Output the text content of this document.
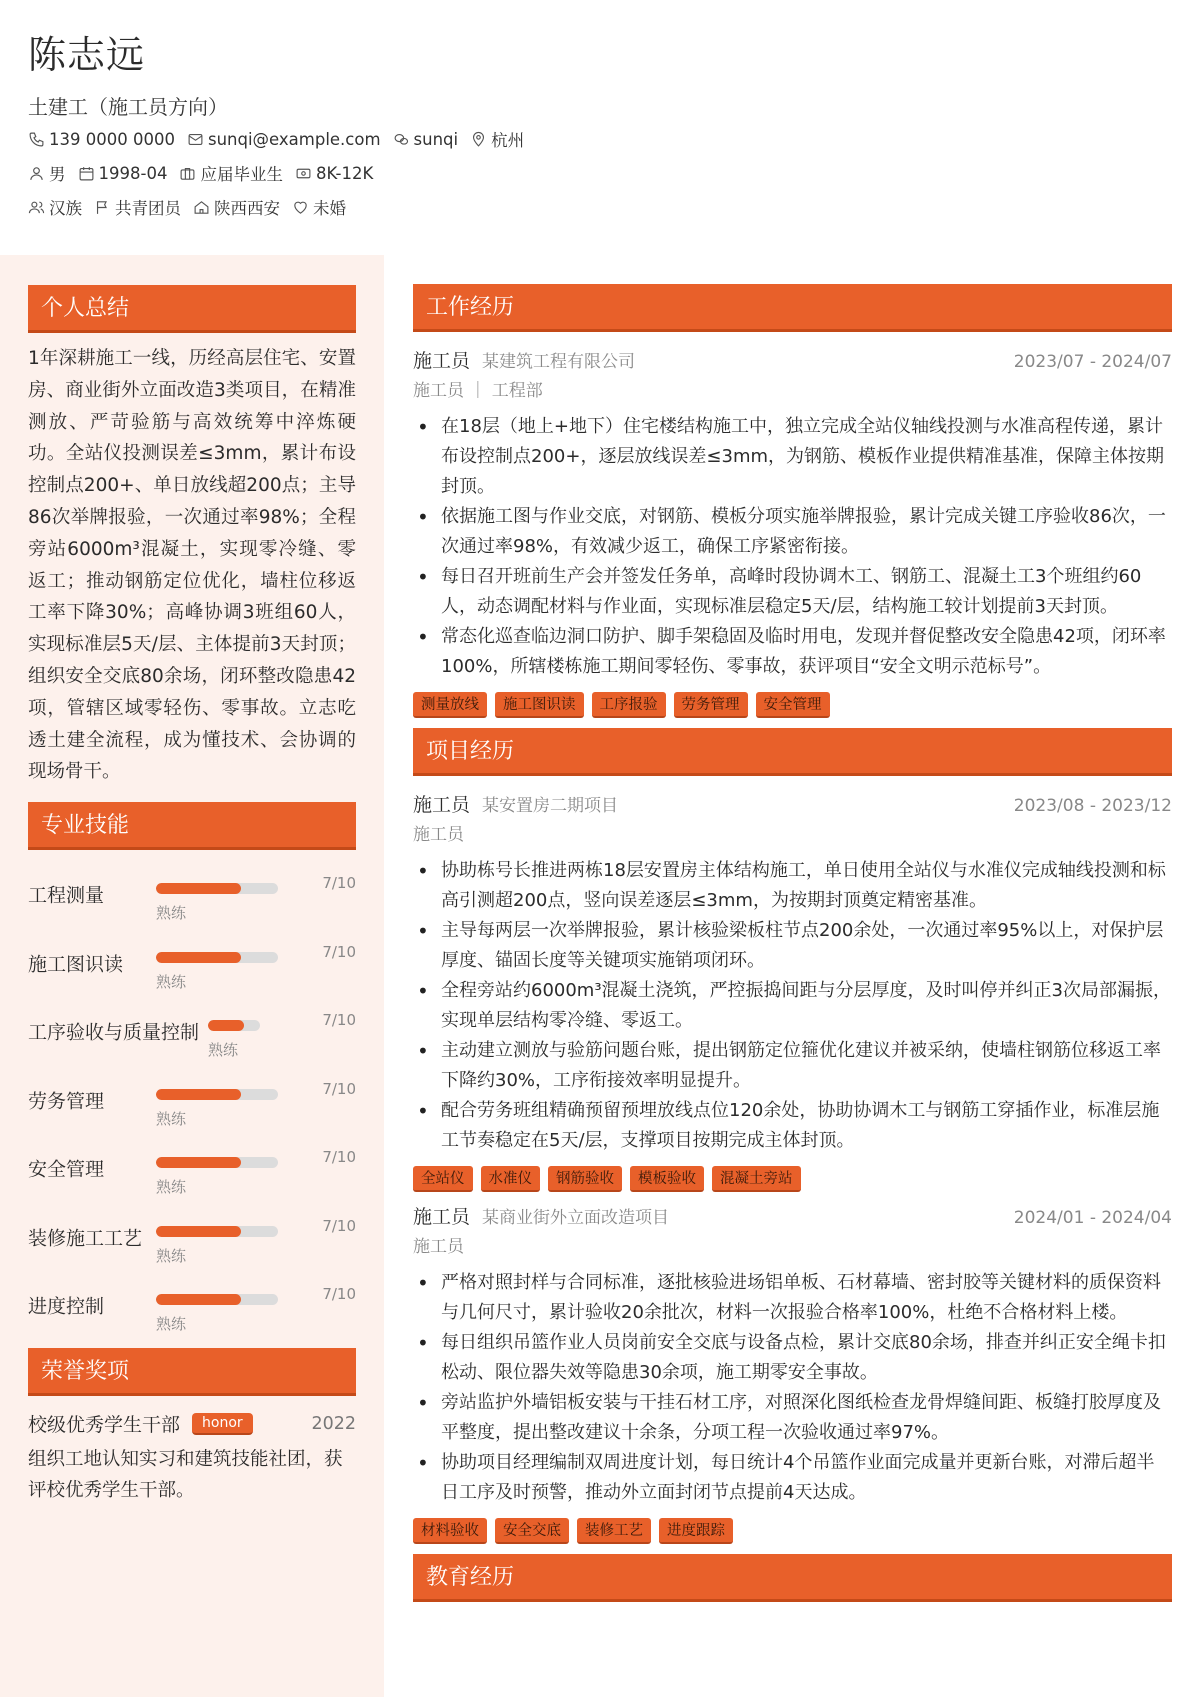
陈志远
土建工（施工员方向）
139 0000 0000 sunqi@example.com sunqi 杭州
男 1998-04 应届毕业生 8K-12K
汉族 共青团员 陕西西安 未婚
个人总结
1年深耕施工一线，历经高层住宅、安置房、商业街外立面改造3类项目，在精准测放、严苛验筋与高效统筹中淬炼硬功。全站仪投测误差≤3mm，累计布设控制点200+、单日放线超200点；主导86次举牌报验，一次通过率98%；全程旁站6000m³混凝土，实现零冷缝、零返工；推动钢筋定位优化，墙柱位移返工率下降30%；高峰协调3班组60人，实现标准层5天/层、主体提前3天封顶；组织安全交底80余场，闭环整改隐患42项，管辖区域零轻伤、零事故。立志吃透土建全流程，成为懂技术、会协调的现场骨干。
专业技能
工程测量
7/10
熟练
施工图识读
7/10
熟练
工序验收与质量控制
7/10
熟练
劳务管理
7/10
熟练
安全管理
7/10
熟练
装修施工工艺
7/10
熟练
进度控制
7/10
熟练
荣誉奖项
校级优秀学生干部	honor	2022
组织工地认知实习和建筑技能社团，获评校优秀学生干部。
工作经历
施工员 某建筑工程有限公司	2023/07 - 2024/07
施工员 ｜ 工程部
• 在18层（地上+地下）住宅楼结构施工中，独立完成全站仪轴线投测与水准高程传递，累计布设控制点200+，逐层放线误差≤3mm，为钢筋、模板作业提供精准基准，保障主体按期封顶。
• 依据施工图与作业交底，对钢筋、模板分项实施举牌报验，累计完成关键工序验收86次，一次通过率98%，有效减少返工，确保工序紧密衔接。
• 每日召开班前生产会并签发任务单，高峰时段协调木工、钢筋工、混凝土工3个班组约60人，动态调配材料与作业面，实现标准层稳定5天/层，结构施工较计划提前3天封顶。
• 常态化巡查临边洞口防护、脚手架稳固及临时用电，发现并督促整改安全隐患42项，闭环率100%，所辖楼栋施工期间零轻伤、零事故，获评项目“安全文明示范标号”。
测量放线	施工图识读	工序报验	劳务管理	安全管理
项目经历
施工员 某安置房二期项目	2023/08 - 2023/12
施工员
• 协助栋号长推进两栋18层安置房主体结构施工，单日使用全站仪与水准仪完成轴线投测和标高引测超200点，竖向误差逐层≤3mm，为按期封顶奠定精密基准。
• 主导每两层一次举牌报验，累计核验梁板柱节点200余处，一次通过率95%以上，对保护层厚度、锚固长度等关键项实施销项闭环。
• 全程旁站约6000m³混凝土浇筑，严控振捣间距与分层厚度，及时叫停并纠正3次局部漏振，实现单层结构零冷缝、零返工。
• 主动建立测放与验筋问题台账，提出钢筋定位箍优化建议并被采纳，使墙柱钢筋位移返工率下降约30%，工序衔接效率明显提升。
• 配合劳务班组精确预留预埋放线点位120余处，协助协调木工与钢筋工穿插作业，标准层施工节奏稳定在5天/层，支撑项目按期完成主体封顶。
全站仪	水准仪	钢筋验收	模板验收	混凝土旁站
施工员 某商业街外立面改造项目	2024/01 - 2024/04
施工员
• 严格对照封样与合同标准，逐批核验进场铝单板、石材幕墙、密封胶等关键材料的质保资料与几何尺寸，累计验收20余批次，材料一次报验合格率100%，杜绝不合格材料上楼。
• 每日组织吊篮作业人员岗前安全交底与设备点检，累计交底80余场，排查并纠正安全绳卡扣松动、限位器失效等隐患30余项，施工期零安全事故。
• 旁站监护外墙铝板安装与干挂石材工序，对照深化图纸检查龙骨焊缝间距、板缝打胶厚度及平整度，提出整改建议十余条，分项工程一次验收通过率97%。
• 协助项目经理编制双周进度计划，每日统计4个吊篮作业面完成量并更新台账，对滞后超半日工序及时预警，推动外立面封闭节点提前4天达成。
材料验收	安全交底	装修工艺	进度跟踪
教育经历
